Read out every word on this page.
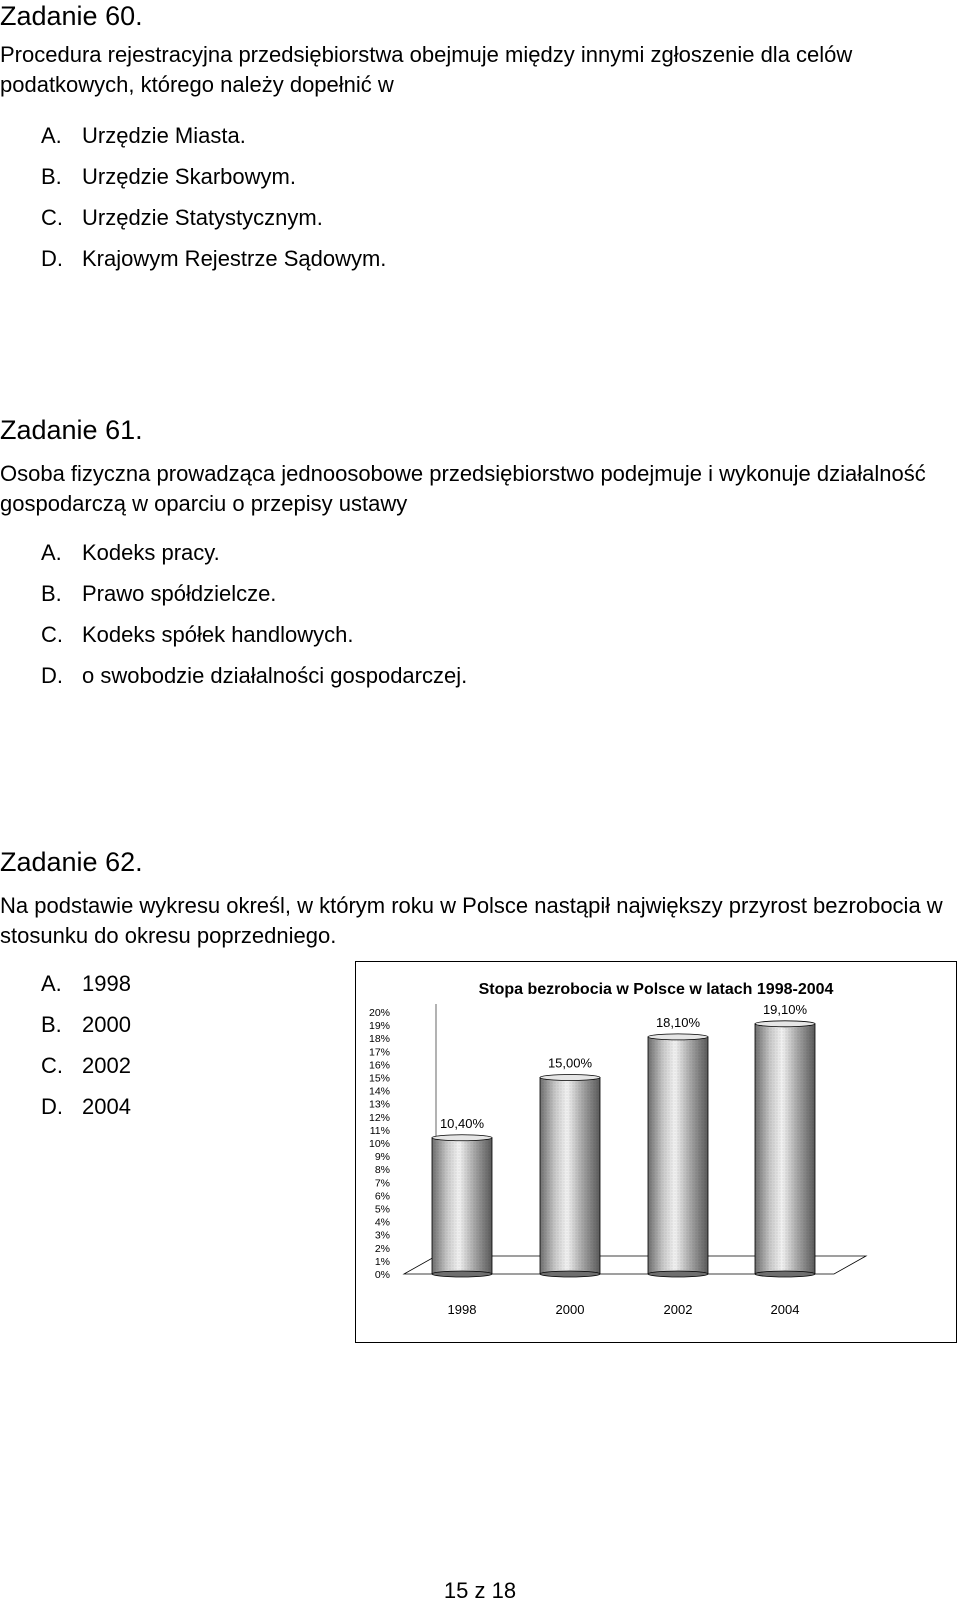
Zadanie 60.

Procedura rejestracyjna przedsiębiorstwa obejmuje między innymi zgłoszenie dla celów podatkowych, którego należy dopełnić w

A. Urzędzie Miasta.
B. Urzędzie Skarbowym.
C. Urzędzie Statystycznym.
D. Krajowym Rejestrze Sądowym.
Zadanie 61.

Osoba fizyczna prowadząca jednoosobowe przedsiębiorstwo podejmuje i wykonuje działalność gospodarczą w oparciu o przepisy ustawy

A. Kodeks pracy.
B. Prawo spółdzielcze.
C. Kodeks spółek handlowych.
D. o swobodzie działalności gospodarczej.
Zadanie 62.

Na podstawie wykresu określ, w którym roku w Polsce nastąpił największy przyrost bezrobocia w stosunku do okresu poprzedniego.

A. 1998
B. 2000
C. 2002
D. 2004
Stopa bezrobocia w Polsce w latach 1998-2004
0%
1%
2%
3%
4%
5%
6%
7%
8%
9%
10%
11%
12%
13%
14%
15%
16%
17%
18%
19%
20%
1998	2000	2002	2004
10,40%
15,00%
18,10%
19,10%
15 z 18
